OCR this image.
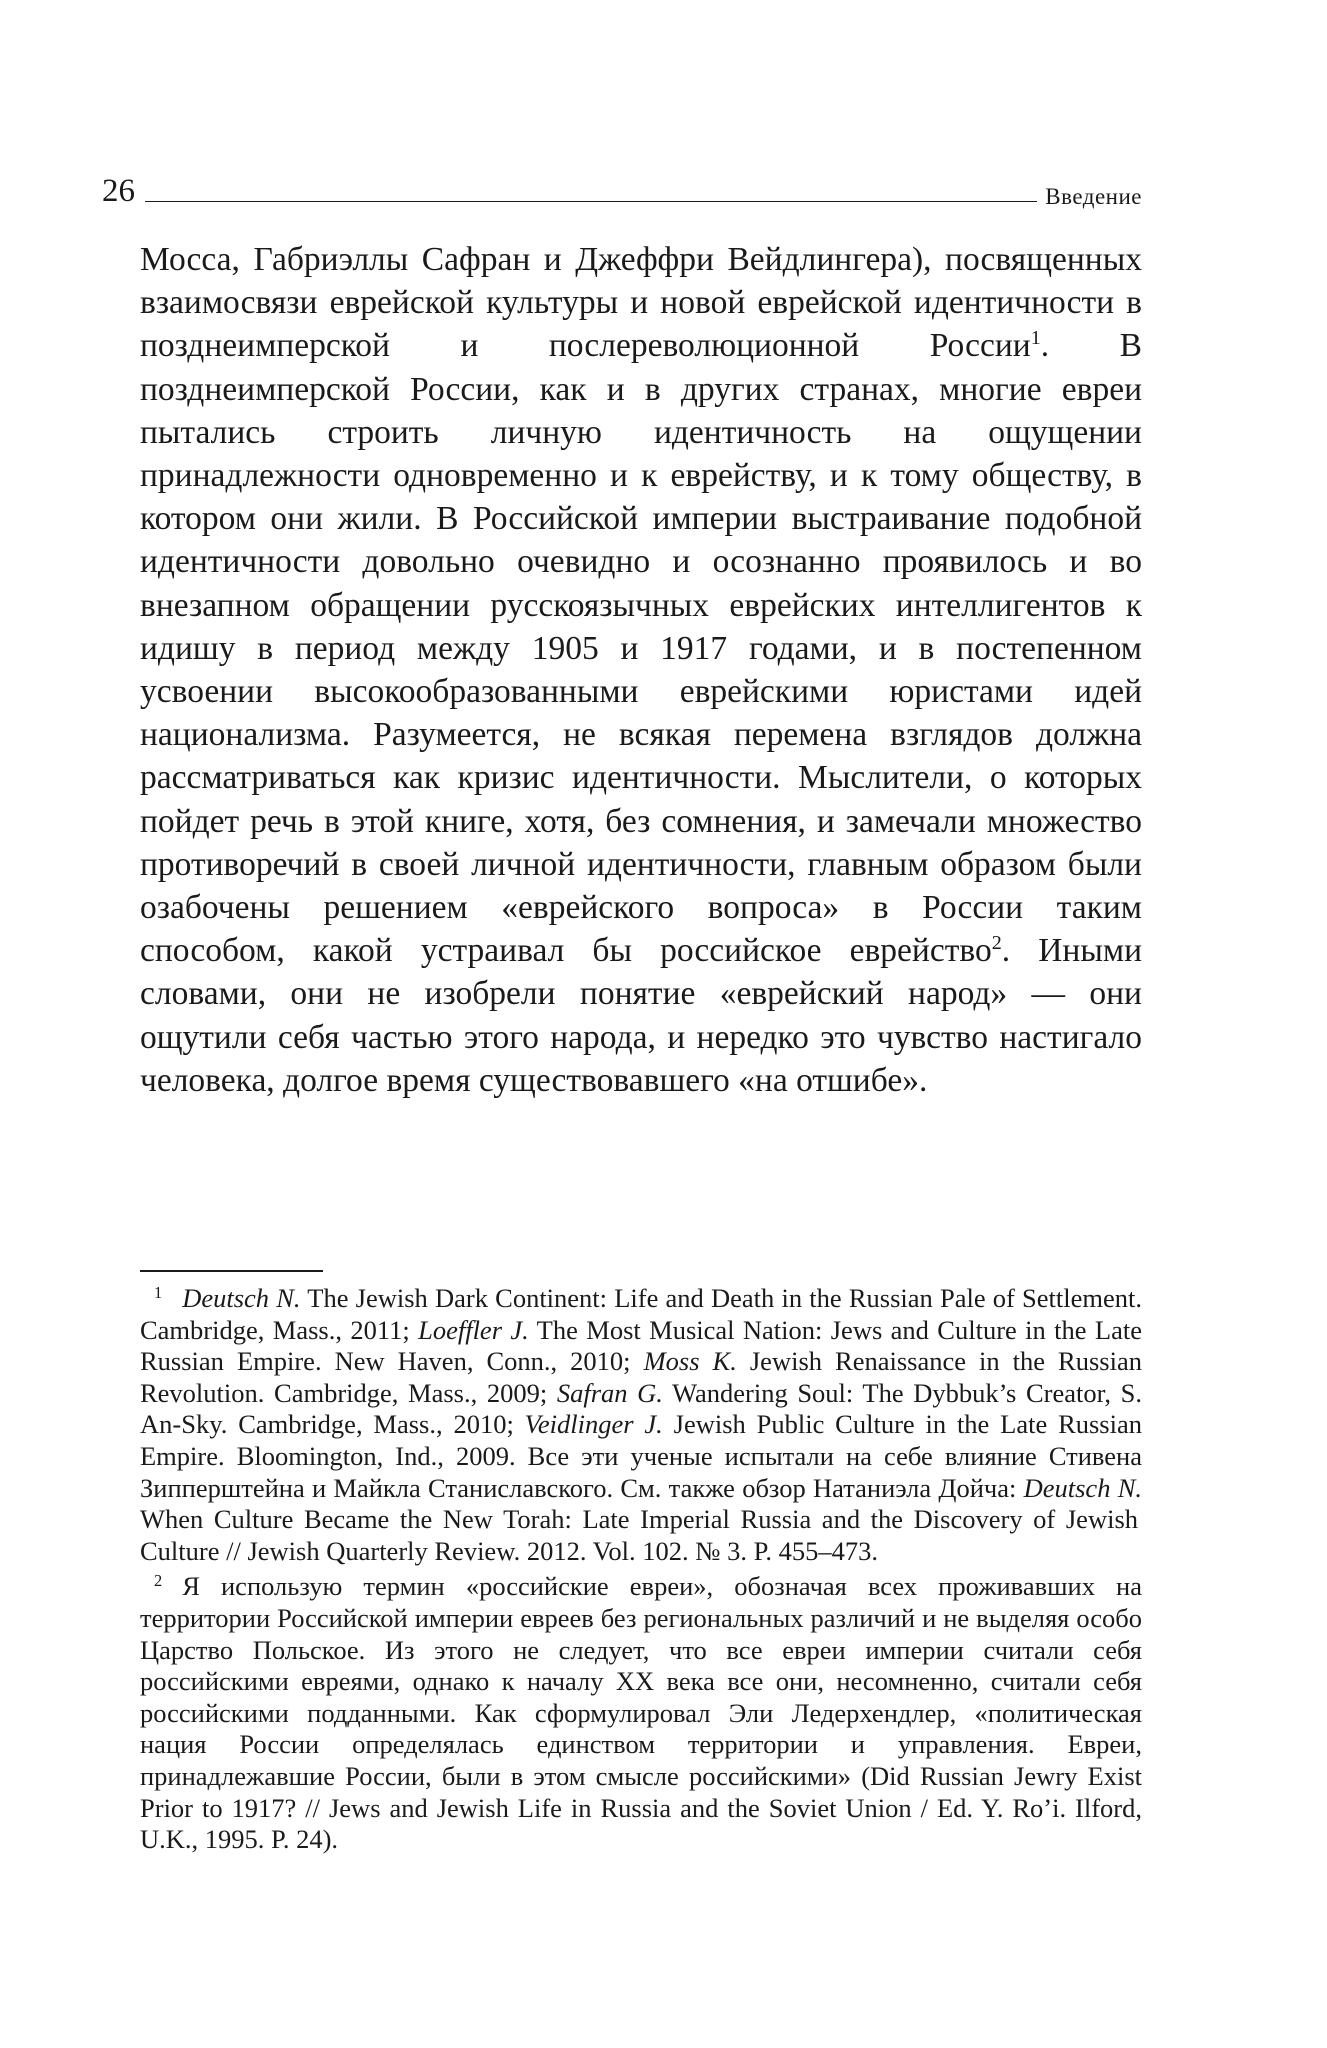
26	Введение

Мосса, Габриэллы Сафран и Джеффри Вейдлингера), посвященных взаимосвязи еврейской культуры и новой еврейской идентичности в позднеимперской и послереволюционной России$^1$. В позднеимперской России, как и в других странах, многие евреи пытались строить личную идентичность на ощущении принадлежности одновременно и к еврейству, и к тому обществу, в котором они жили. В Российской империи выстраивание подобной идентичности довольно очевидно и осознанно проявилось и во внезапном обращении русскоязычных еврейских интеллигентов к идишу в период между 1905 и 1917 годами, и в постепенном усвоении высокообразованными еврейскими юристами идей национализма. Разумеется, не всякая перемена взглядов должна рассматриваться как кризис идентичности. Мыслители, о которых пойдет речь в этой книге, хотя, без сомнения, и замечали множество противоречий в своей личной идентичности, главным образом были озабочены решением «еврейского вопроса» в России таким способом, какой устраивал бы российское еврейство$^2$. Иными словами, они не изобрели понятие «еврейский народ» — они ощутили себя частью этого народа, и нередко это чувство настигало человека, долгое время существовавшего «на отшибе».

$^1$ Deutsch N. The Jewish Dark Continent: Life and Death in the Russian Pale of Settlement. Cambridge, Mass., 2011; Loeffler J. The Most Musical Nation: Jews and Culture in the Late Russian Empire. New Haven, Conn., 2010; Moss K. Jewish Renaissance in the Russian Revolution. Cambridge, Mass., 2009; Safran G. Wandering Soul: The Dybbuk’s Creator, S. An-Sky. Cambridge, Mass., 2010; Veidlinger J. Jewish Public Culture in the Late Russian Empire. Bloomington, Ind., 2009. Все эти ученые испытали на себе влияние Стивена Зипперштейна и Майкла Станиславского. См. также обзор Натаниэла Дойча: Deutsch N. When Culture Became the New Torah: Late Imperial Russia and the Discovery of Jewish Culture // Jewish Quarterly Review. 2012. Vol. 102. № 3. P. 455–473.

$^2$ Я использую термин «российские евреи», обозначая всех проживавших на территории Российской империи евреев без региональных различий и не выделяя особо Царство Польское. Из этого не следует, что все евреи империи считали себя российскими евреями, однако к началу XX века все они, несомненно, считали себя российскими подданными. Как сформулировал Эли Ледерхендлер, «политическая нация России определялась единством территории и управления. Евреи, принадлежавшие России, были в этом смысле российскими» (Did Russian Jewry Exist Prior to 1917? // Jews and Jewish Life in Russia and the Soviet Union / Ed. Y. Ro’i. Ilford, U.K., 1995. P. 24).
